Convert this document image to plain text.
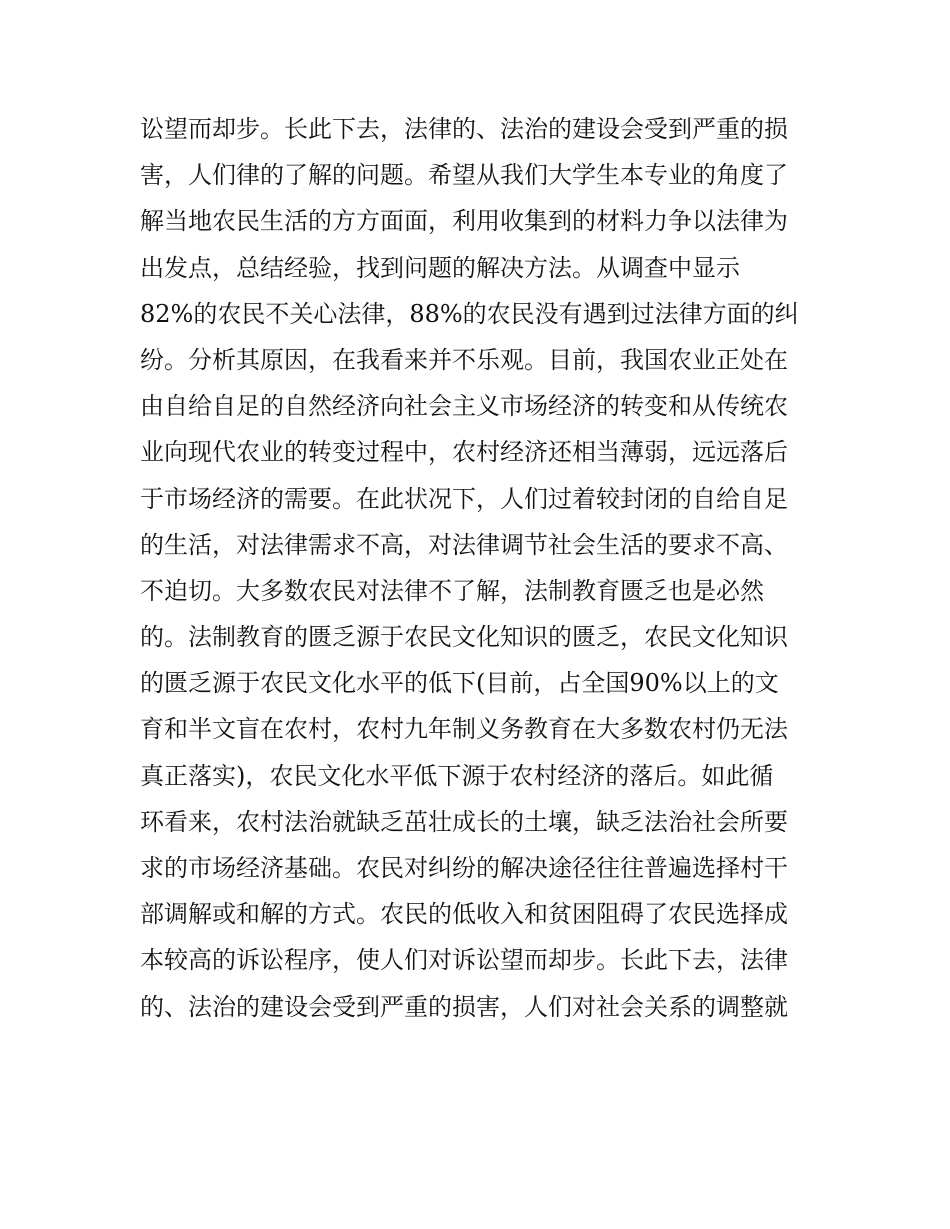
讼望而却步。长此下去，法律的、法治的建设会受到严重的损
害，人们律的了解的问题。希望从我们大学生本专业的角度了
解当地农民生活的方方面面，利用收集到的材料力争以法律为
出发点，总结经验，找到问题的解决方法。从调查中显示
82%的农民不关心法律，88%的农民没有遇到过法律方面的纠
纷。分析其原因，在我看来并不乐观。目前，我国农业正处在
由自给自足的自然经济向社会主义市场经济的转变和从传统农
业向现代农业的转变过程中，农村经济还相当薄弱，远远落后
于市场经济的需要。在此状况下，人们过着较封闭的自给自足
的生活，对法律需求不高，对法律调节社会生活的要求不高、
不迫切。大多数农民对法律不了解，法制教育匮乏也是必然
的。法制教育的匮乏源于农民文化知识的匮乏，农民文化知识
的匮乏源于农民文化水平的低下(目前，占全国90%以上的文
育和半文盲在农村，农村九年制义务教育在大多数农村仍无法
真正落实)，农民文化水平低下源于农村经济的落后。如此循
环看来，农村法治就缺乏茁壮成长的土壤，缺乏法治社会所要
求的市场经济基础。农民对纠纷的解决途径往往普遍选择村干
部调解或和解的方式。农民的低收入和贫困阻碍了农民选择成
本较高的诉讼程序，使人们对诉讼望而却步。长此下去，法律
的、法治的建设会受到严重的损害，人们对社会关系的调整就
